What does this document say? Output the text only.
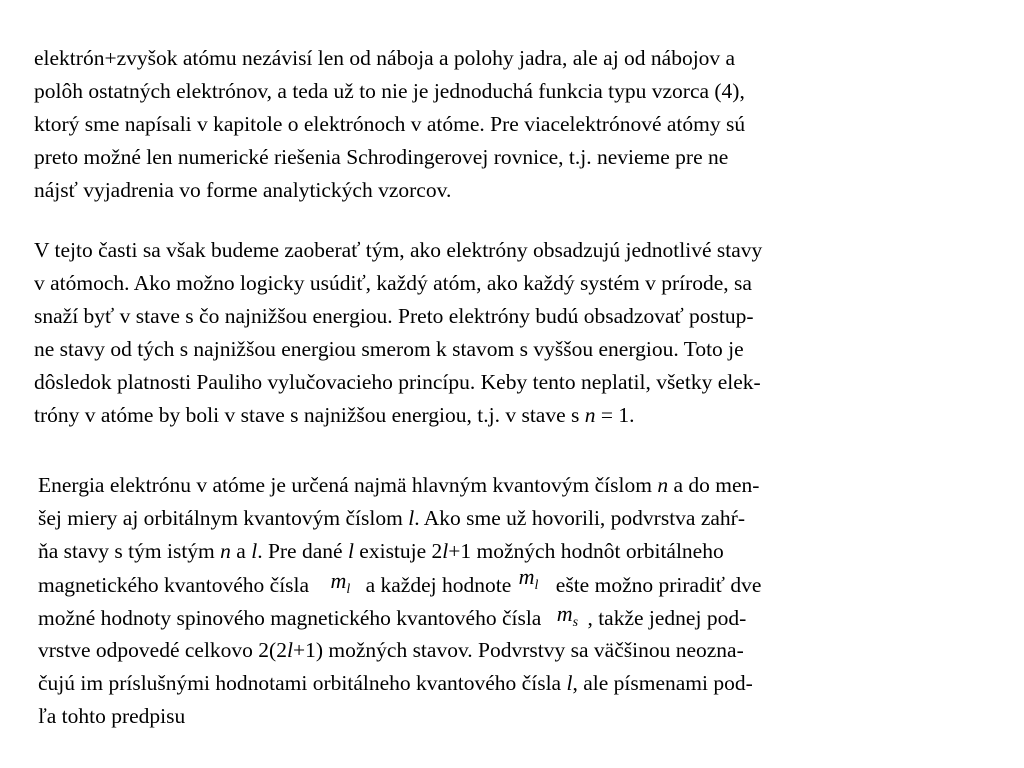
elektrón+zvyšok atómu nezávisí len od náboja a polohy jadra, ale aj od nábojov a
polôh ostatných elektrónov, a teda už to nie je jednoduchá funkcia typu vzorca (4),
ktorý sme napísali v kapitole o elektrónoch v atóme. Pre viacelektrónové atómy sú
preto možné len numerické riešenia Schrodingerovej rovnice, t.j. nevieme pre ne
nájsť vyjadrenia vo forme analytických vzorcov.
V tejto časti sa však budeme zaoberať tým, ako elektróny obsadzujú jednotlivé stavy
v atómoch. Ako možno logicky usúdiť, každý atóm, ako každý systém v prírode, sa
snaží byť v stave s čo najnižšou energiou. Preto elektróny budú obsadzovať postup-
ne stavy od tých s najnižšou energiou smerom k stavom s vyššou energiou. Toto je
dôsledok platnosti Pauliho vylučovacieho princípu. Keby tento neplatil, všetky elek-
tróny v atóme by boli v stave s najnižšou energiou, t.j. v stave s n = 1.
Energia elektrónu v atóme je určená najmä hlavným kvantovým číslom n a do men-
šej miery aj orbitálnym kvantovým číslom l. Ako sme už hovorili, podvrstva zahŕ-
ňa stavy s tým istým n a l. Pre dané l existuje 2l+1 možných hodnôt orbitálneho
magnetického kvantového čísla $m_l$ a každej hodnote $m_l$ ešte možno priradiť dve
možné hodnoty spinového magnetického kvantového čísla $m_s$ , takže jednej pod-
vrstve odpovedé celkovo 2(2l+1) možných stavov. Podvrstvy sa väčšinou neozna-
čujú im príslušnými hodnotami orbitálneho kvantového čísla l, ale písmenami pod-
ľa tohto predpisu
